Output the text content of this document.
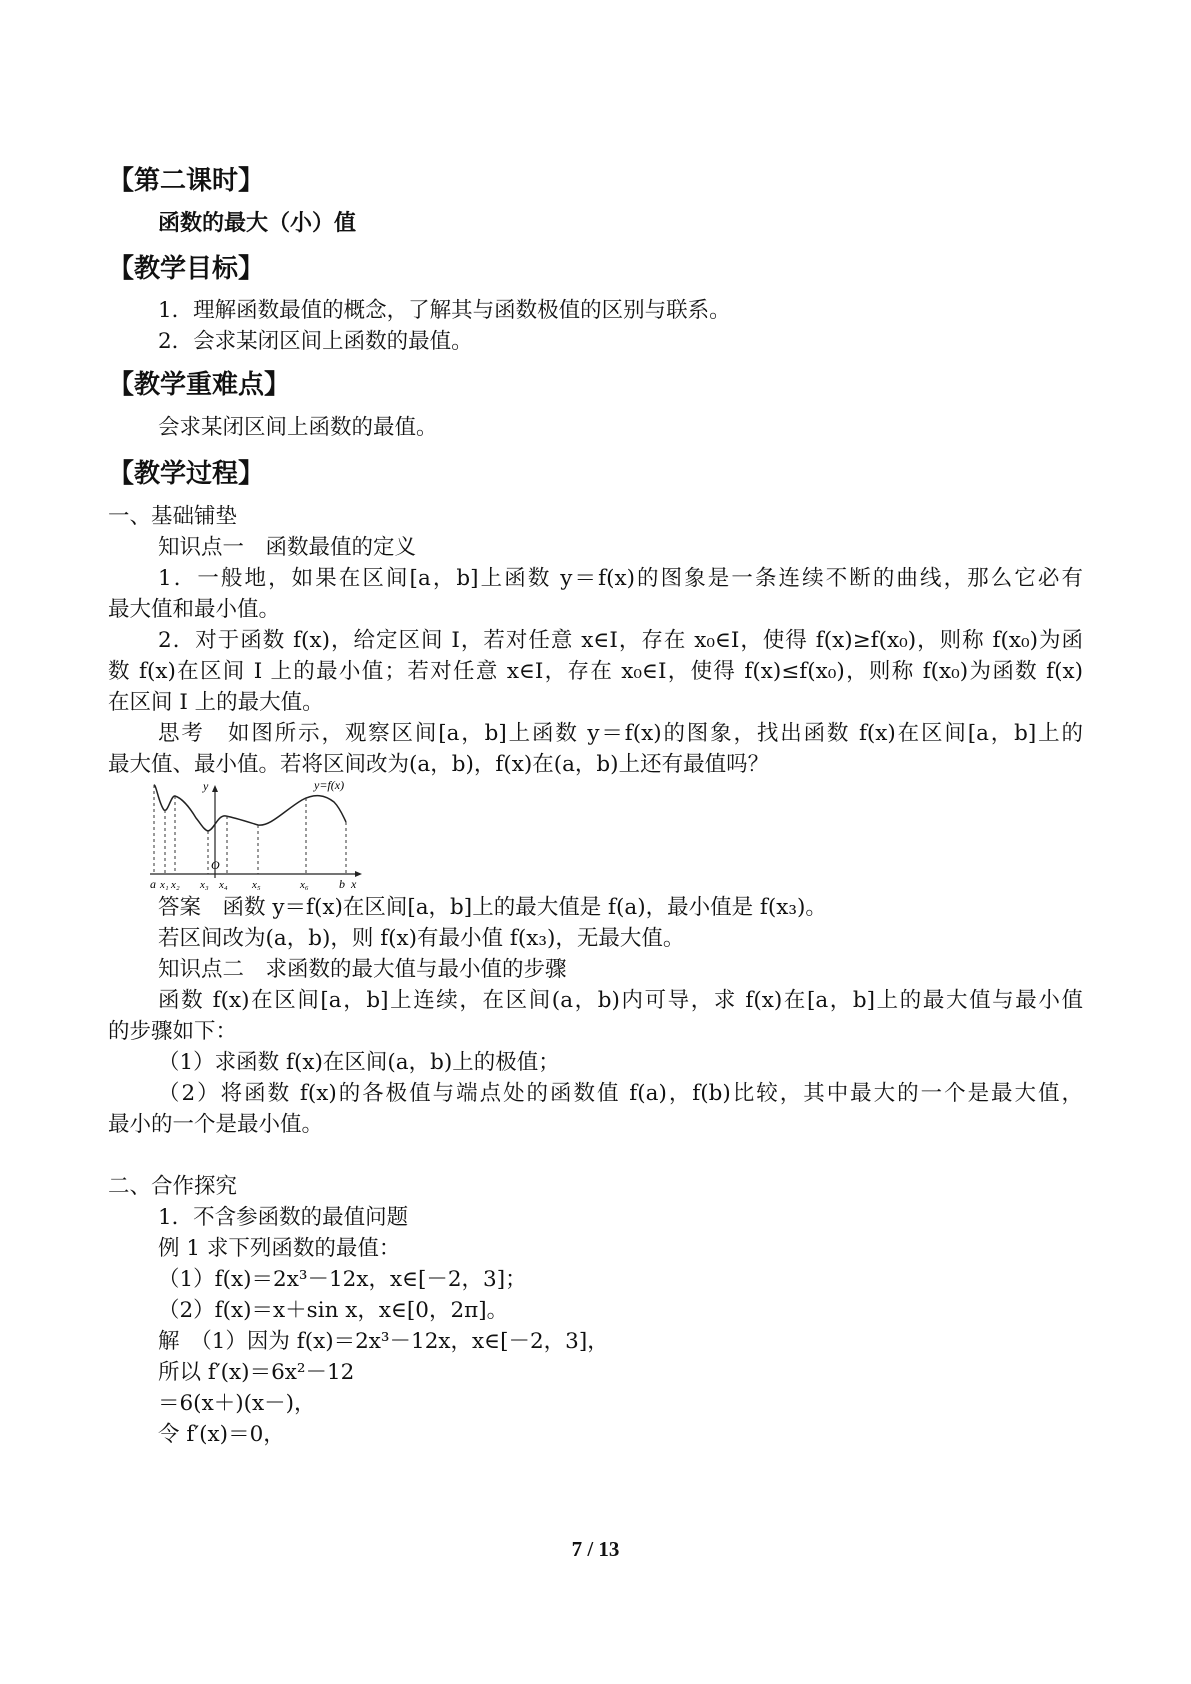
【第二课时】
函数的最大（小）值
【教学目标】
1．理解函数最值的概念，了解其与函数极值的区别与联系。
2．会求某闭区间上函数的最值。
【教学重难点】
会求某闭区间上函数的最值。
【教学过程】
一、基础铺垫
知识点一　函数最值的定义
1．一般地，如果在区间[a，b]上函数 y＝f(x)的图象是一条连续不断的曲线，那么它必有
最大值和最小值。
2．对于函数 f(x)，给定区间 I，若对任意 x∈I，存在 x₀∈I，使得 f(x)≥f(x₀)，则称 f(x₀)为函
数 f(x)在区间 I 上的最小值；若对任意 x∈I，存在 x₀∈I，使得 f(x)≤f(x₀)，则称 f(x₀)为函数 f(x)
在区间 I 上的最大值。
思考　如图所示，观察区间[a，b]上函数 y＝f(x)的图象，找出函数 f(x)在区间[a，b]上的
最大值、最小值。若将区间改为(a，b)，f(x)在(a，b)上还有最值吗？
y=f(x)
y
O
x
a x₁ x₂ x₃ x₄ x₅	x₆	b
答案　函数 y＝f(x)在区间[a，b]上的最大值是 f(a)，最小值是 f(x₃)。
若区间改为(a，b)，则 f(x)有最小值 f(x₃)，无最大值。
知识点二　求函数的最大值与最小值的步骤
函数 f(x)在区间[a，b]上连续，在区间(a，b)内可导，求 f(x)在[a，b]上的最大值与最小值
的步骤如下：
（1）求函数 f(x)在区间(a，b)上的极值；
（2）将函数 f(x)的各极值与端点处的函数值 f(a)，f(b)比较，其中最大的一个是最大值，
最小的一个是最小值。
二、合作探究
1．不含参函数的最值问题
例 1 求下列函数的最值：
（1）f(x)＝2x³－12x，x∈[－2，3]；
（2）f(x)＝x＋sin x，x∈[0，2π]。
解　（1）因为 f(x)＝2x³－12x，x∈[－2，3]，
所以 f′(x)＝6x²－12
＝6(x＋)(x－)，
令 f′(x)＝0，
7 / 13
